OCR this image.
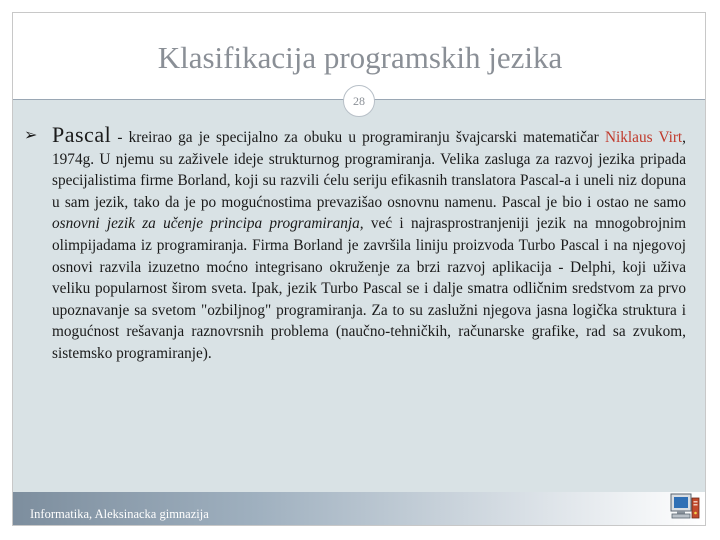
Klasifikacija programskih jezika
28
➢ Pascal - kreirao ga je specijalno za obuku u programiranju švajcarski matematičar Niklaus Virt, 1974g. U njemu su zaživele ideje strukturnog programiranja. Velika zasluga za razvoj jezika pripada specijalistima firme Borland, koji su razvili ćelu seriju efikasnih translatora Pascal-a i uneli niz dopuna u sam jezik, tako da je po mogućnostima prevazišao osnovnu namenu. Pascal je bio i ostao ne samo osnovni jezik za učenje principa programiranja, već i najrasprostranjeniji jezik na mnogobrojnim olimpijadama iz programiranja. Firma Borland je završila liniju proizvoda Turbo Pascal i na njegovoj osnovi razvila izuzetno moćno integrisano okruženje za brzi razvoj aplikacija - Delphi, koji uživa veliku popularnost širom sveta. Ipak, jezik Turbo Pascal se i dalje smatra odličnim sredstvom za prvo upoznavanje sa svetom "ozbiljnog" programiranja. Za to su zaslužni njegova jasna logička struktura i mogućnost rešavanja raznovrsnih problema (naučno-tehničkih, računarske grafike, rad sa zvukom, sistemsko programiranje).

Informatika, Aleksinacka gimnazija
